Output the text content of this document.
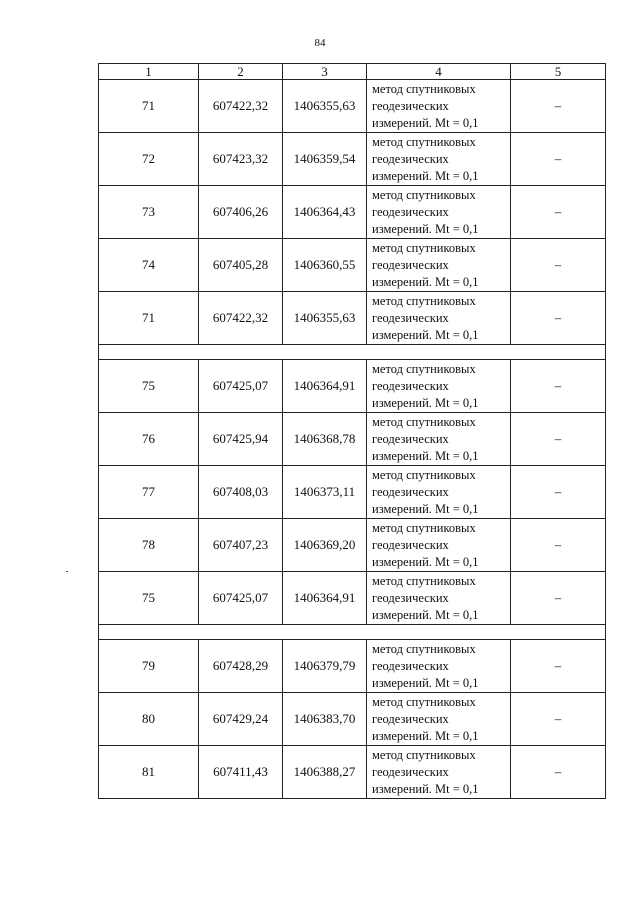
84
1	2	3	4	5
71	607422,32	1406355,63	метод спутниковых
геодезических
измерений. Mt = 0,1	–
72	607423,32	1406359,54	метод спутниковых
геодезических
измерений. Mt = 0,1	–
73	607406,26	1406364,43	метод спутниковых
геодезических
измерений. Mt = 0,1	–
74	607405,28	1406360,55	метод спутниковых
геодезических
измерений. Mt = 0,1	–
71	607422,32	1406355,63	метод спутниковых
геодезических
измерений. Mt = 0,1	–

75	607425,07	1406364,91	метод спутниковых
геодезических
измерений. Mt = 0,1	–
76	607425,94	1406368,78	метод спутниковых
геодезических
измерений. Mt = 0,1	–
77	607408,03	1406373,11	метод спутниковых
геодезических
измерений. Mt = 0,1	–
78	607407,23	1406369,20	метод спутниковых
геодезических
измерений. Mt = 0,1	–
75	607425,07	1406364,91	метод спутниковых
геодезических
измерений. Mt = 0,1	–

79	607428,29	1406379,79	метод спутниковых
геодезических
измерений. Mt = 0,1	–
80	607429,24	1406383,70	метод спутниковых
геодезических
измерений. Mt = 0,1	–
81	607411,43	1406388,27	метод спутниковых
геодезических
измерений. Mt = 0,1	–
